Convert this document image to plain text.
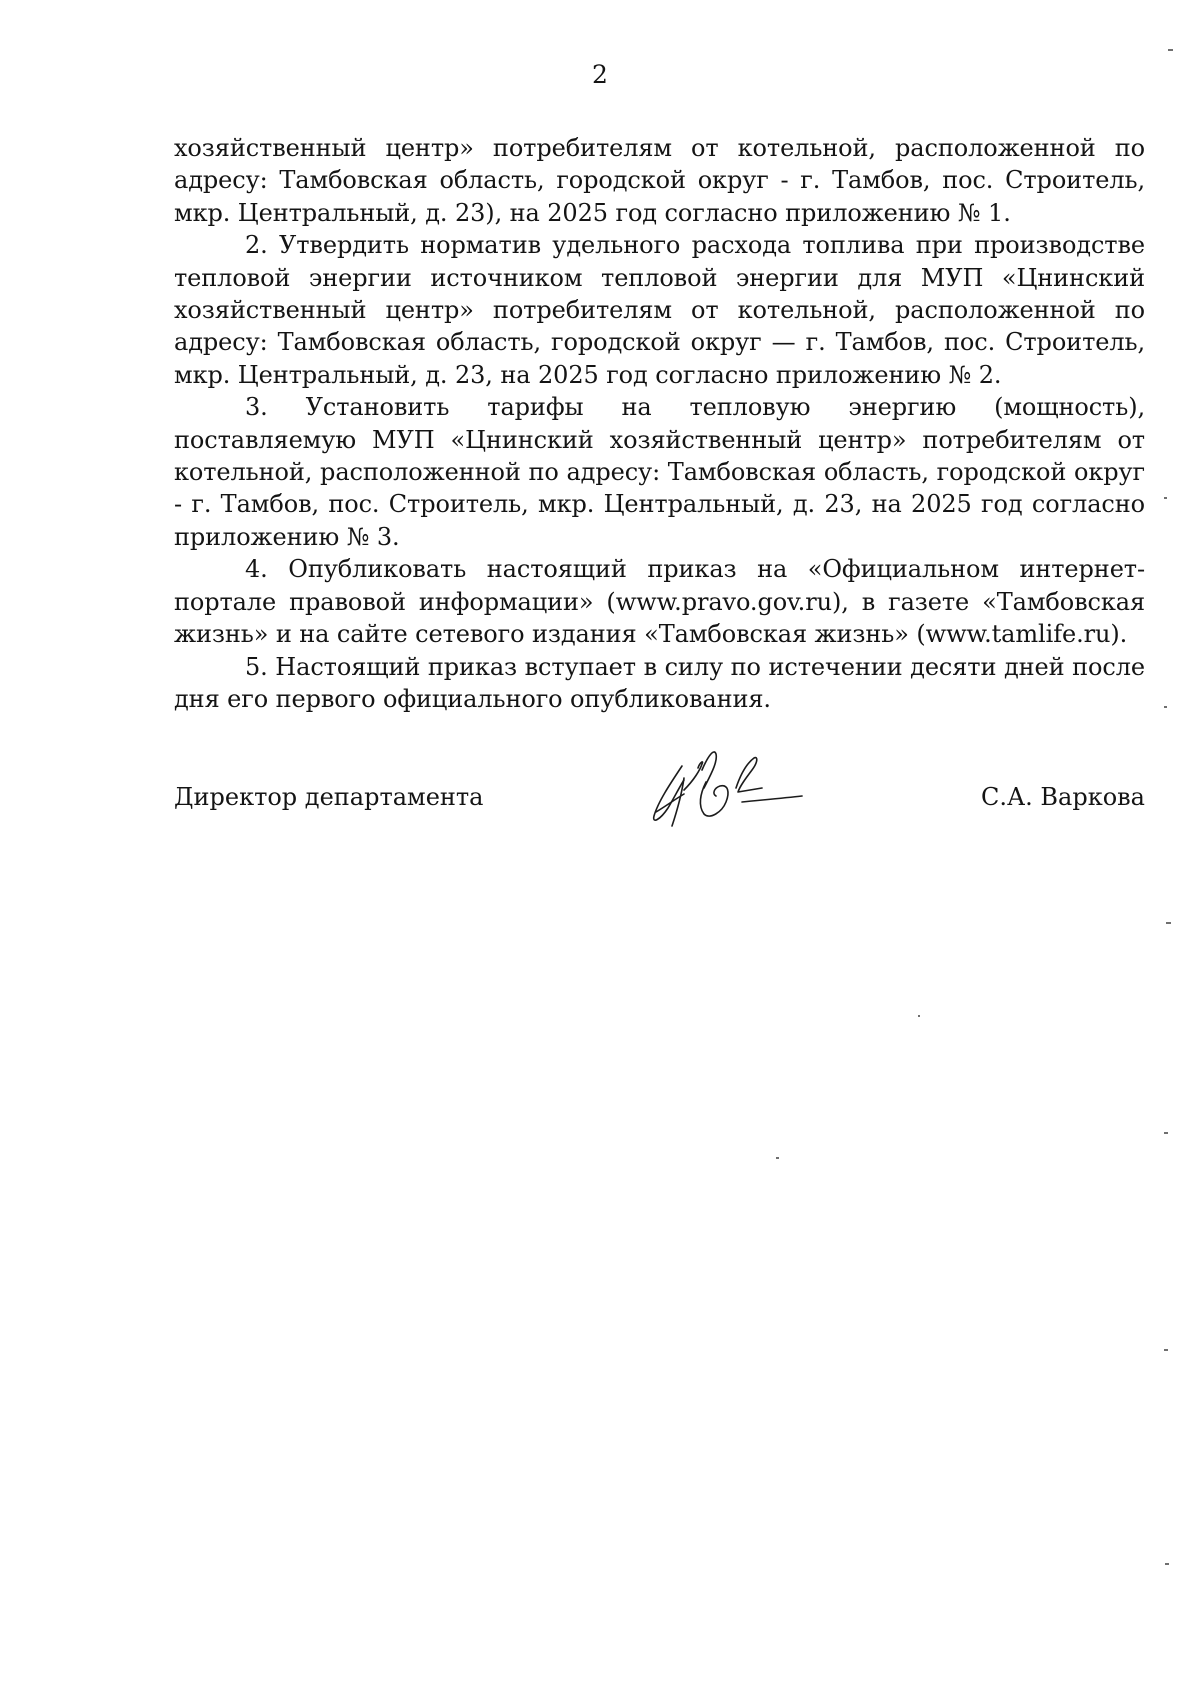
2

хозяйственный центр» потребителям от котельной, расположенной по адресу: Тамбовская область, городской округ - г. Тамбов, пос. Строитель, мкр. Центральный, д. 23), на 2025 год согласно приложению № 1.

2. Утвердить норматив удельного расхода топлива при производстве тепловой энергии источником тепловой энергии для МУП «Цнинский хозяйственный центр» потребителям от котельной, расположенной по адресу: Тамбовская область, городской округ — г. Тамбов, пос. Строитель, мкр. Центральный, д. 23, на 2025 год согласно приложению № 2.

3. Установить тарифы на тепловую энергию (мощность), поставляемую МУП «Цнинский хозяйственный центр» потребителям от котельной, расположенной по адресу: Тамбовская область, городской округ - г. Тамбов, пос. Строитель, мкр. Центральный, д. 23, на 2025 год согласно приложению № 3.

4. Опубликовать настоящий приказ на «Официальном интернет-портале правовой информации» (www.pravo.gov.ru), в газете «Тамбовская жизнь» и на сайте сетевого издания «Тамбовская жизнь» (www.tamlife.ru).

5. Настоящий приказ вступает в силу по истечении десяти дней после дня его первого официального опубликования.

Директор департамента	С.А. Варкова
